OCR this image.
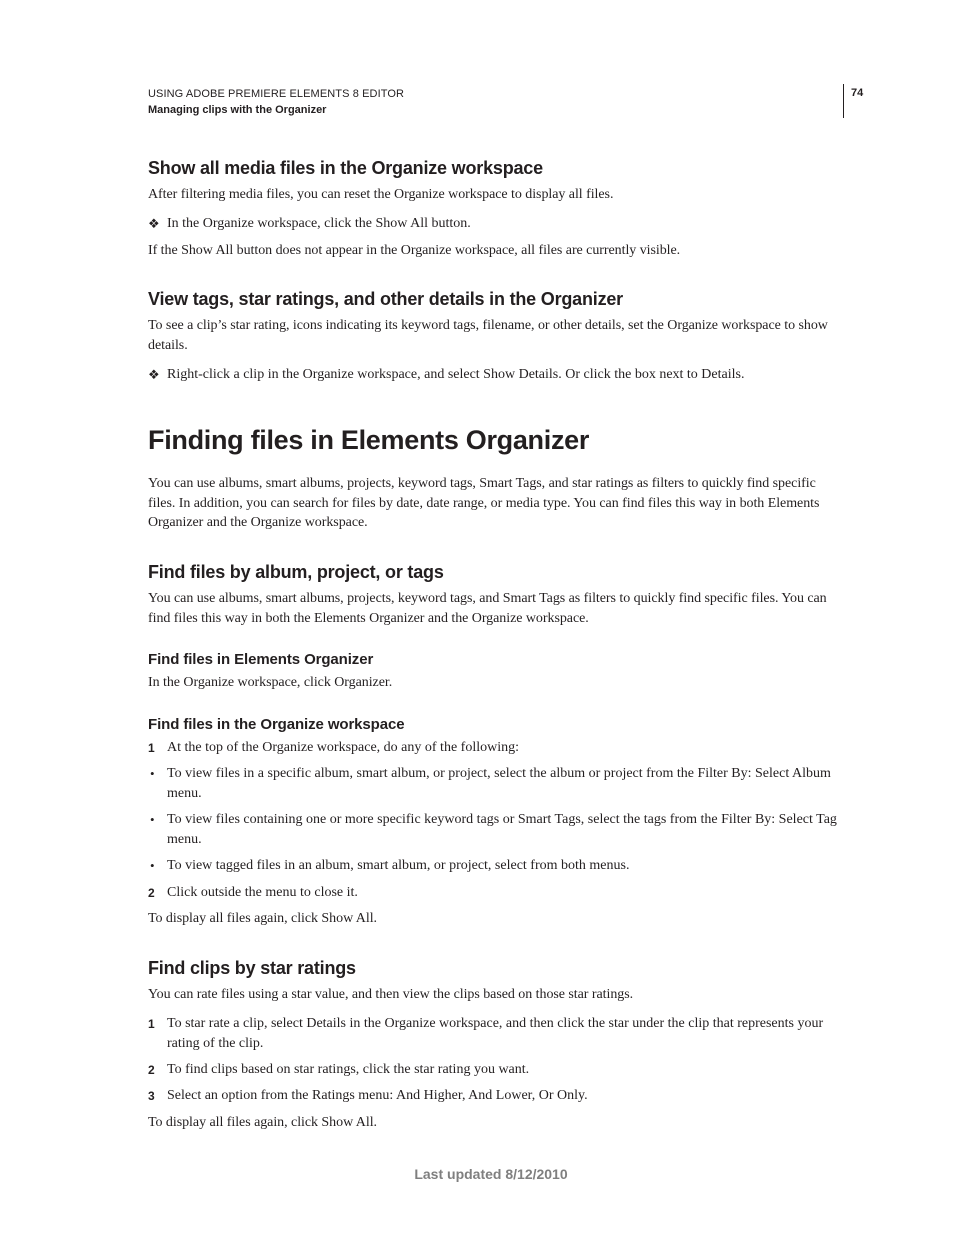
USING ADOBE PREMIERE ELEMENTS 8 EDITOR
Managing clips with the Organizer
74
Show all media files in the Organize workspace

After filtering media files, you can reset the Organize workspace to display all files.

❖ In the Organize workspace, click the Show All button.

If the Show All button does not appear in the Organize workspace, all files are currently visible.

View tags, star ratings, and other details in the Organizer

To see a clip’s star rating, icons indicating its keyword tags, filename, or other details, set the Organize workspace to show details.

❖ Right-click a clip in the Organize workspace, and select Show Details. Or click the box next to Details.
Finding files in Elements Organizer

You can use albums, smart albums, projects, keyword tags, Smart Tags, and star ratings as filters to quickly find specific files. In addition, you can search for files by date, date range, or media type. You can find files this way in both Elements Organizer and the Organize workspace.

Find files by album, project, or tags

You can use albums, smart albums, projects, keyword tags, and Smart Tags as filters to quickly find specific files. You can find files this way in both the Elements Organizer and the Organize workspace.

Find files in Elements Organizer

In the Organize workspace, click Organizer.

Find files in the Organize workspace
1 At the top of the Organize workspace, do any of the following:
• To view files in a specific album, smart album, or project, select the album or project from the Filter By: Select Album menu.
• To view files containing one or more specific keyword tags or Smart Tags, select the tags from the Filter By: Select Tag menu.
• To view tagged files in an album, smart album, or project, select from both menus.
2 Click outside the menu to close it.

To display all files again, click Show All.

Find clips by star ratings

You can rate files using a star value, and then view the clips based on those star ratings.

1 To star rate a clip, select Details in the Organize workspace, and then click the star under the clip that represents your rating of the clip.
2 To find clips based on star ratings, click the star rating you want.
3 Select an option from the Ratings menu: And Higher, And Lower, Or Only.

To display all files again, click Show All.

Last updated 8/12/2010
